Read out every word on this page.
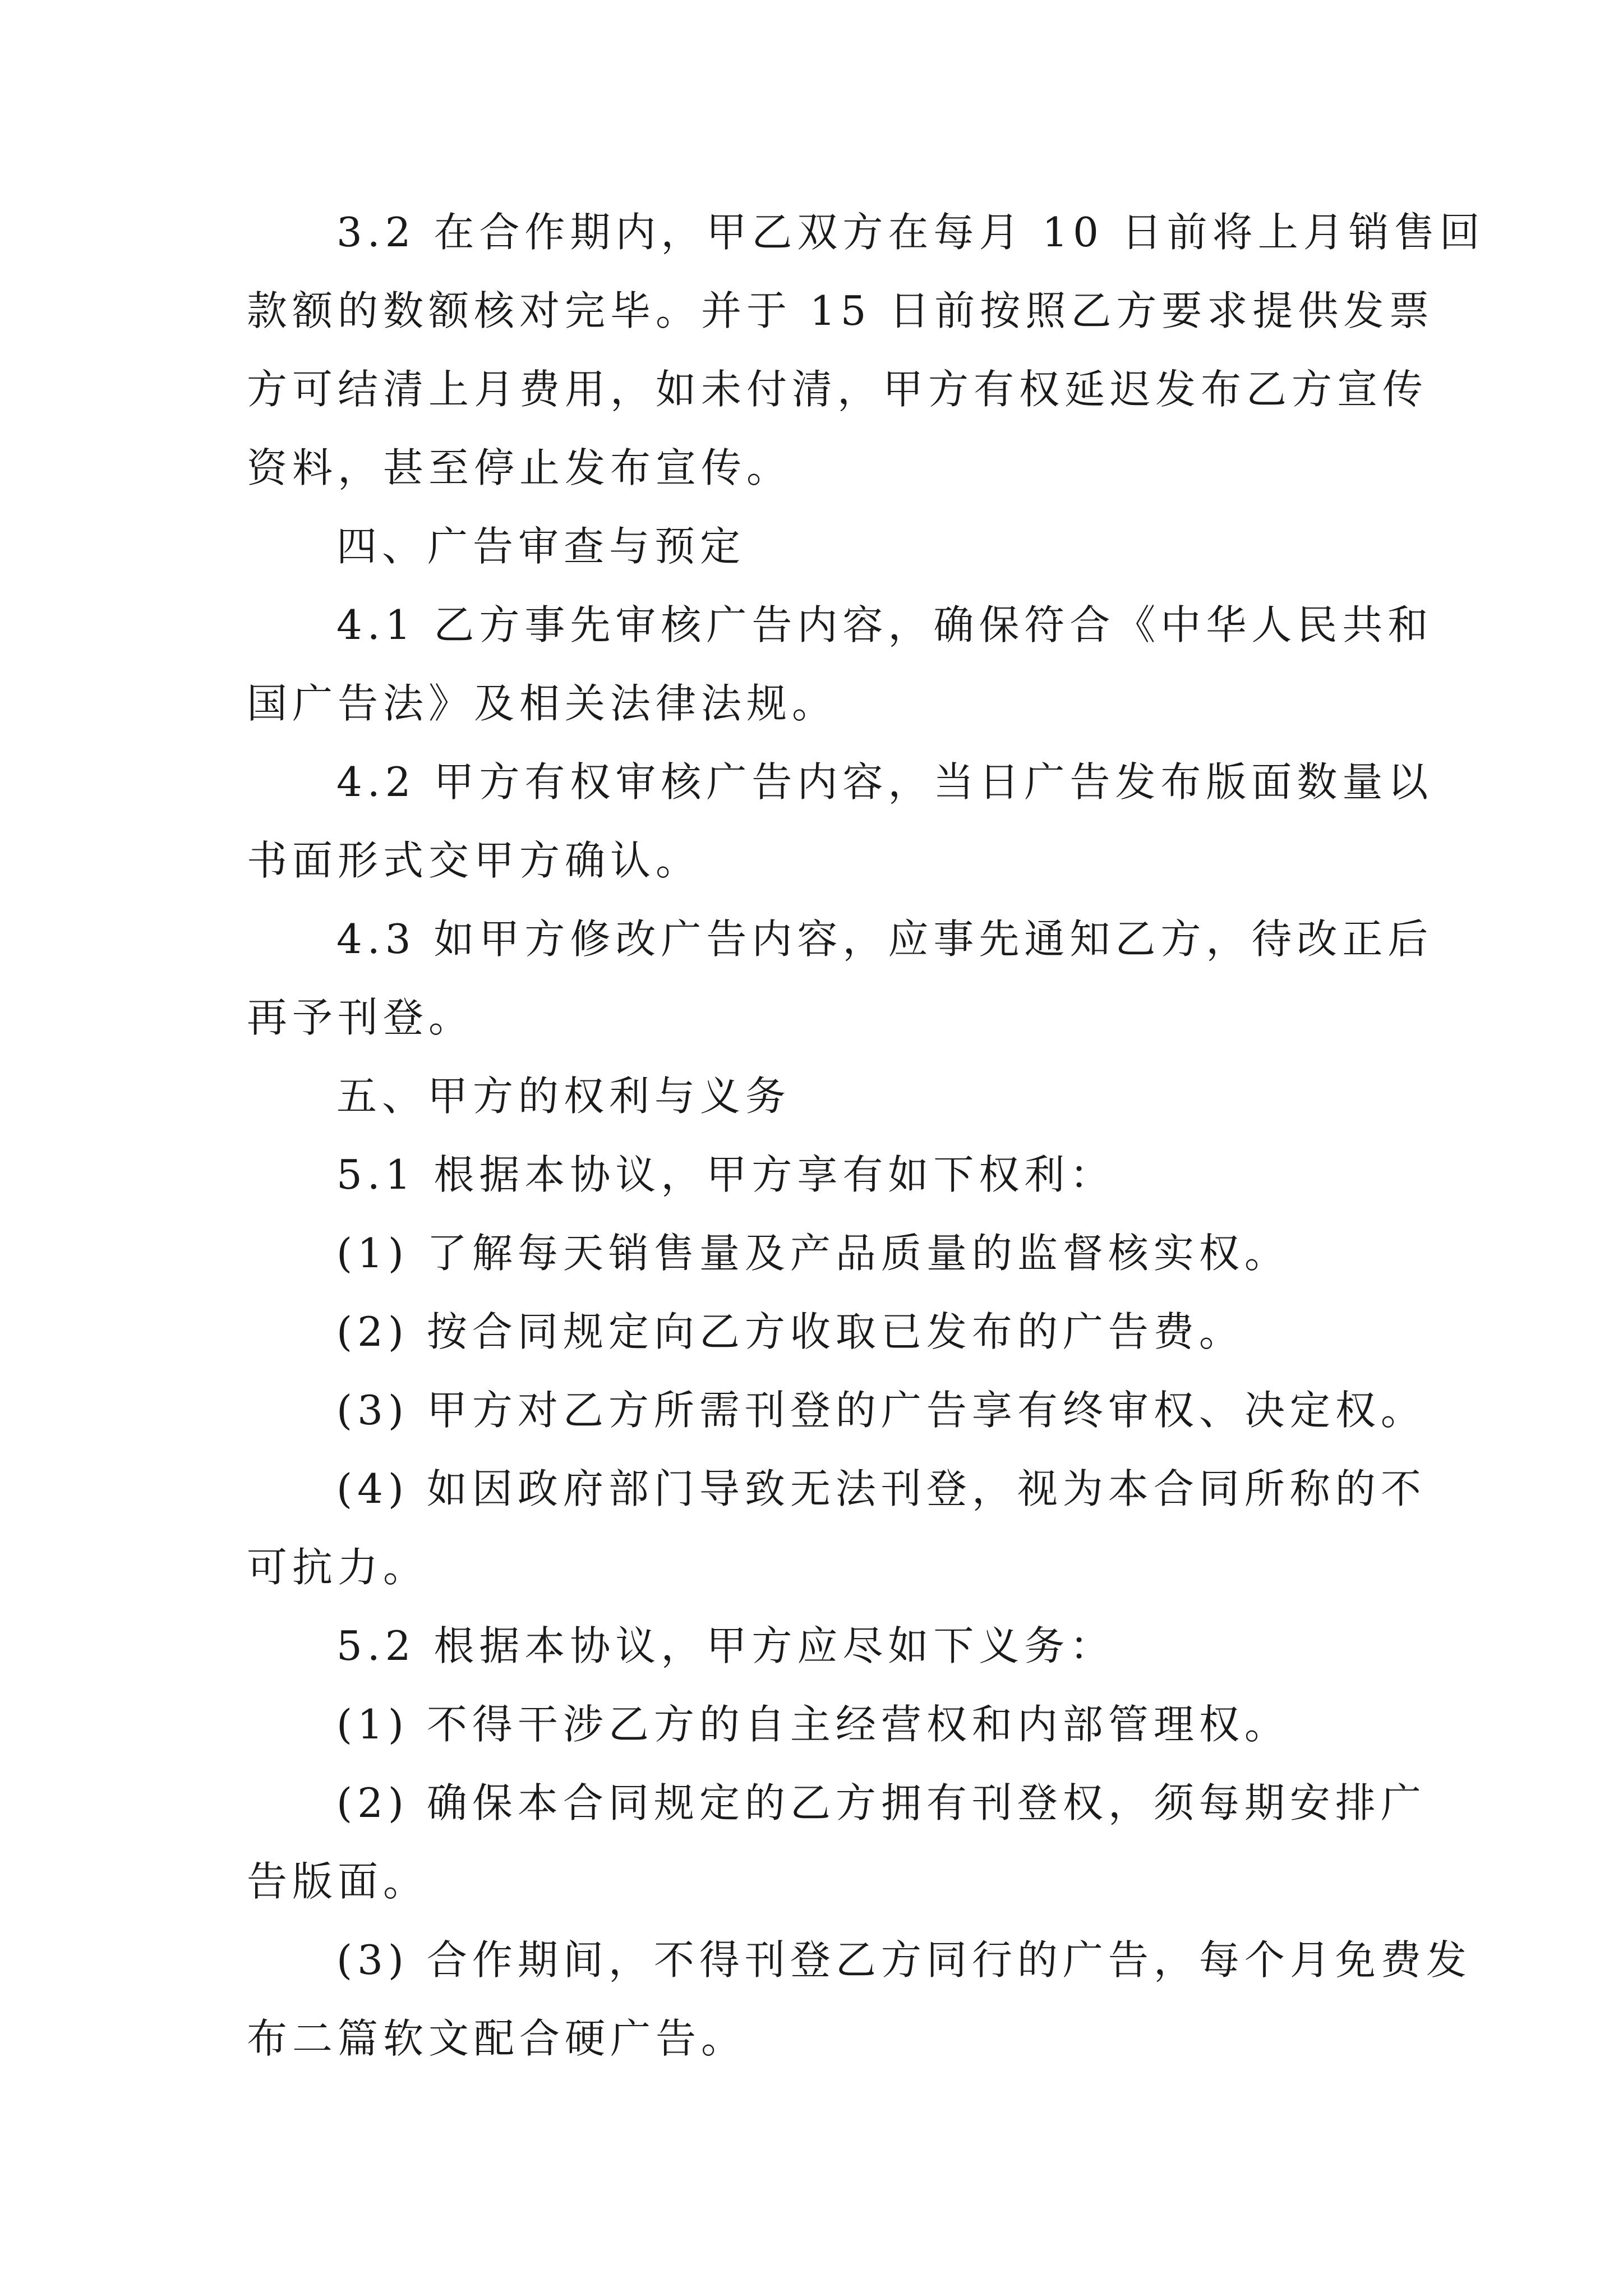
3.2 在合作期内，甲乙双方在每月 10 日前将上月销售回
款额的数额核对完毕。并于 15 日前按照乙方要求提供发票
方可结清上月费用，如未付清，甲方有权延迟发布乙方宣传
资料，甚至停止发布宣传。
四、广告审查与预定
4.1 乙方事先审核广告内容，确保符合《中华人民共和
国广告法》及相关法律法规。
4.2 甲方有权审核广告内容，当日广告发布版面数量以
书面形式交甲方确认。
4.3 如甲方修改广告内容，应事先通知乙方，待改正后
再予刊登。
五、甲方的权利与义务
5.1 根据本协议，甲方享有如下权利：
(1) 了解每天销售量及产品质量的监督核实权。
(2) 按合同规定向乙方收取已发布的广告费。
(3) 甲方对乙方所需刊登的广告享有终审权、决定权。
(4) 如因政府部门导致无法刊登，视为本合同所称的不
可抗力。
5.2 根据本协议，甲方应尽如下义务：
(1) 不得干涉乙方的自主经营权和内部管理权。
(2) 确保本合同规定的乙方拥有刊登权，须每期安排广
告版面。
(3) 合作期间，不得刊登乙方同行的广告，每个月免费发
布二篇软文配合硬广告。
